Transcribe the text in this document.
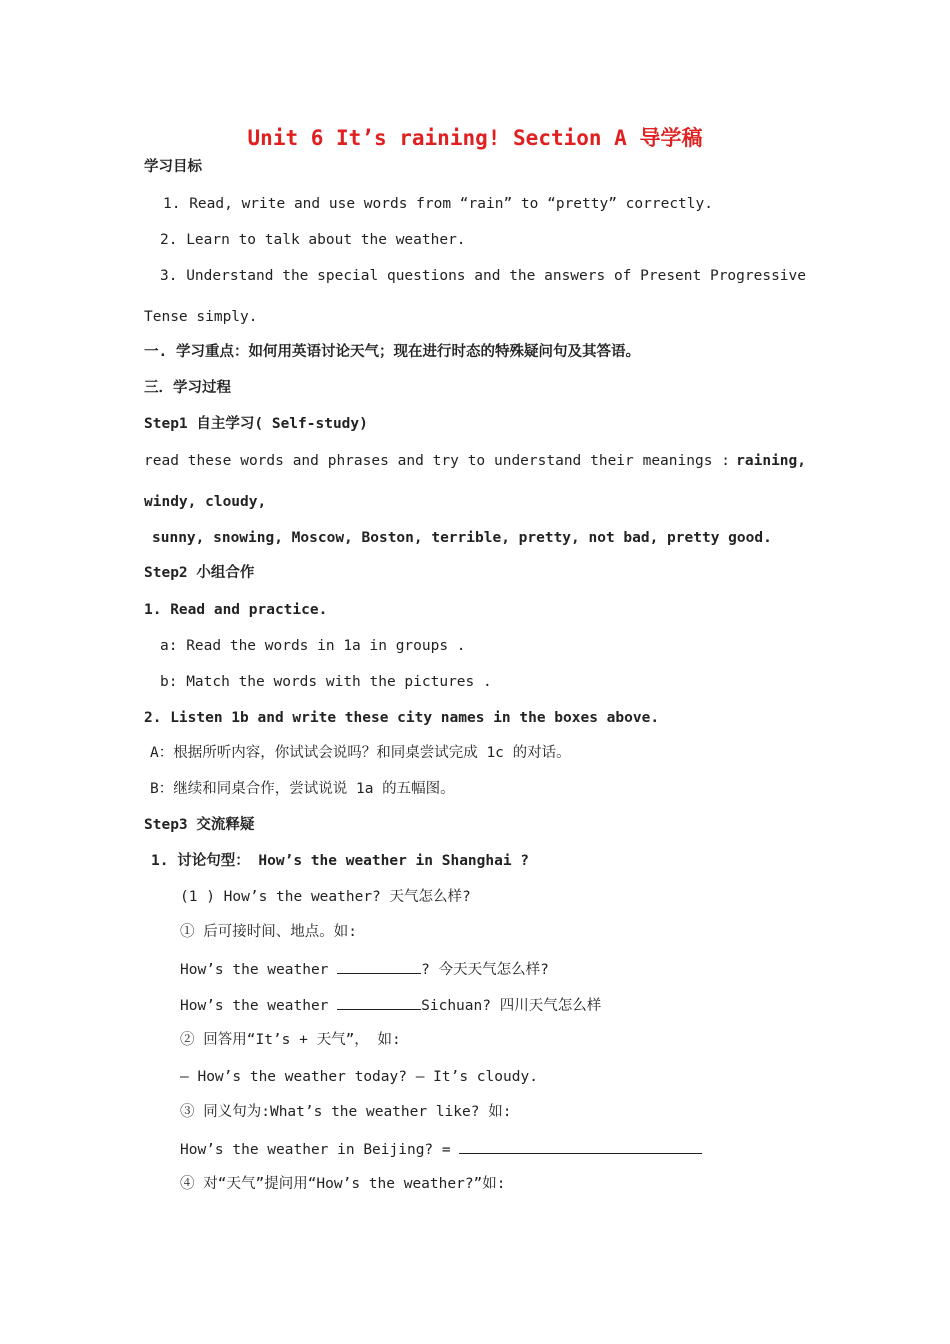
Unit 6 It’s raining! Section A 导学稿
学习目标
1. Read, write and use words from “rain” to “pretty” correctly.
2. Learn to talk about the weather.
3. Understand the special questions and the answers of Present Progressive
Tense simply.
一. 学习重点：如何用英语讨论天气；现在进行时态的特殊疑问句及其答语。
三．学习过程
Step1 自主学习( Self-study)
read these words and phrases and try to understand their meanings : raining,
windy, cloudy,
sunny, snowing, Moscow, Boston, terrible, pretty, not bad, pretty good.
Step2 小组合作
1. Read and practice.
a: Read the words in 1a in groups .
b: Match the words with the pictures .
2. Listen 1b and write these city names in the boxes above.
A：根据所听内容，你试试会说吗？和同桌尝试完成 1c 的对话。
B：继续和同桌合作，尝试说说 1a 的五幅图。
Step3 交流释疑
1. 讨论句型： How’s the weather in Shanghai ?
(1 ) How’s the weather? 天气怎么样?
① 后可接时间、地点。如:
How’s the weather	? 今天天气怎么样?
How’s the weather	Sichuan? 四川天气怎么样
② 回答用“It’s + 天气”， 如:
— How’s the weather today? — It’s cloudy.
③ 同义句为:What’s the weather like? 如:
How’s the weather in Beijing? =
④ 对“天气”提问用“How’s the weather?”如:
